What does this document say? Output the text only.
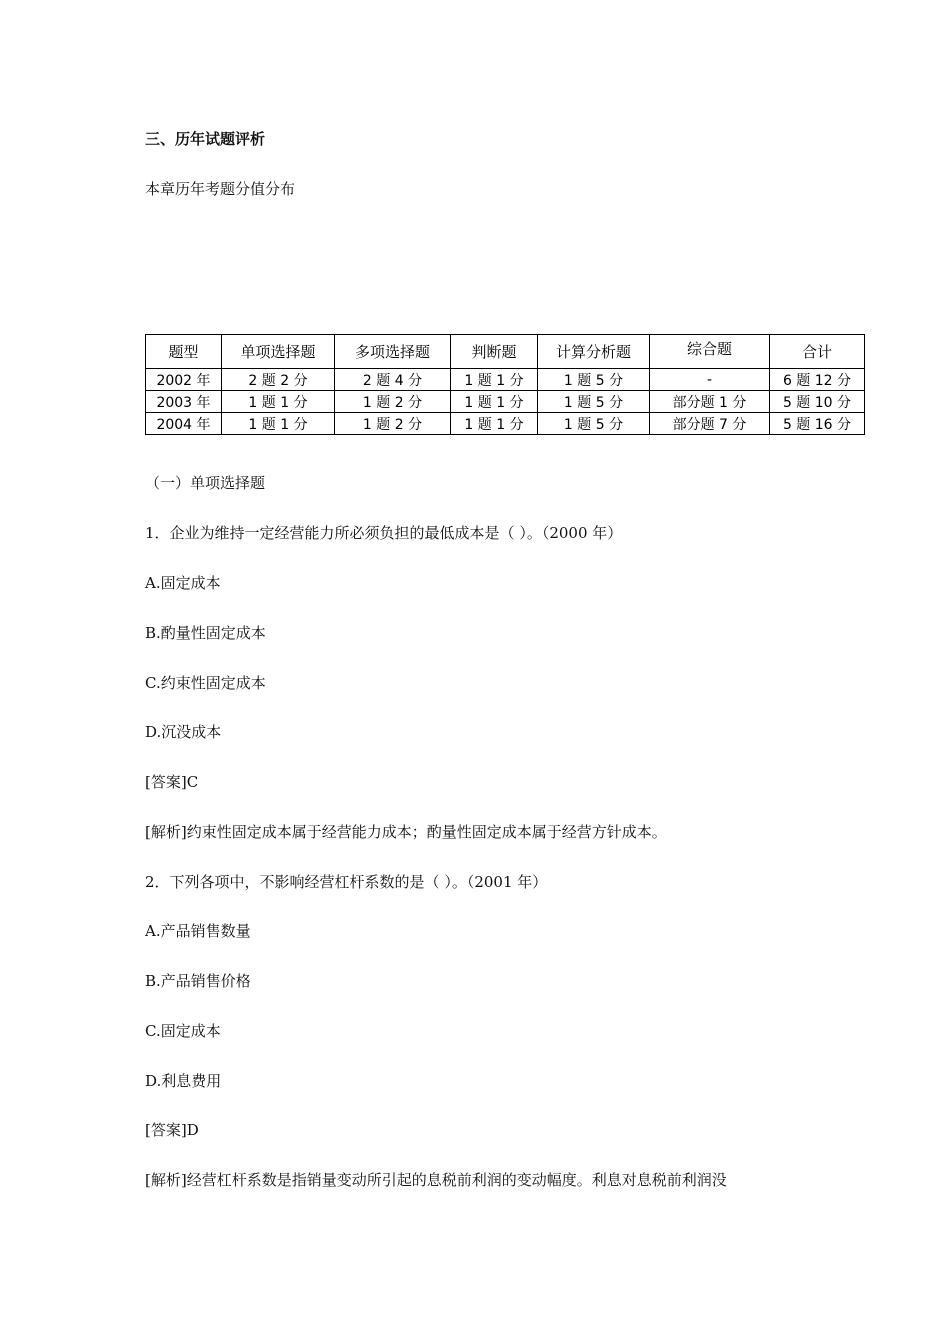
三、历年试题评析
本章历年考题分值分布
题型	单项选择题	多项选择题	判断题	计算分析题	综合题	合计
2002 年	2 题 2 分	2 题 4 分	1 题 1 分	1 题 5 分	-	6 题 12 分
2003 年	1 题 1 分	1 题 2 分	1 题 1 分	1 题 5 分	部分题 1 分	5 题 10 分
2004 年	1 题 1 分	1 题 2 分	1 题 1 分	1 题 5 分	部分题 7 分	5 题 16 分
（一）单项选择题
1．企业为维持一定经营能力所必须负担的最低成本是（ ）。（2000 年）
A.固定成本
B.酌量性固定成本
C.约束性固定成本
D.沉没成本
[答案]C
[解析]约束性固定成本属于经营能力成本；酌量性固定成本属于经营方针成本。
2．下列各项中，不影响经营杠杆系数的是（ ）。（2001 年）
A.产品销售数量
B.产品销售价格
C.固定成本
D.利息费用
[答案]D
[解析]经营杠杆系数是指销量变动所引起的息税前利润的变动幅度。利息对息税前利润没
